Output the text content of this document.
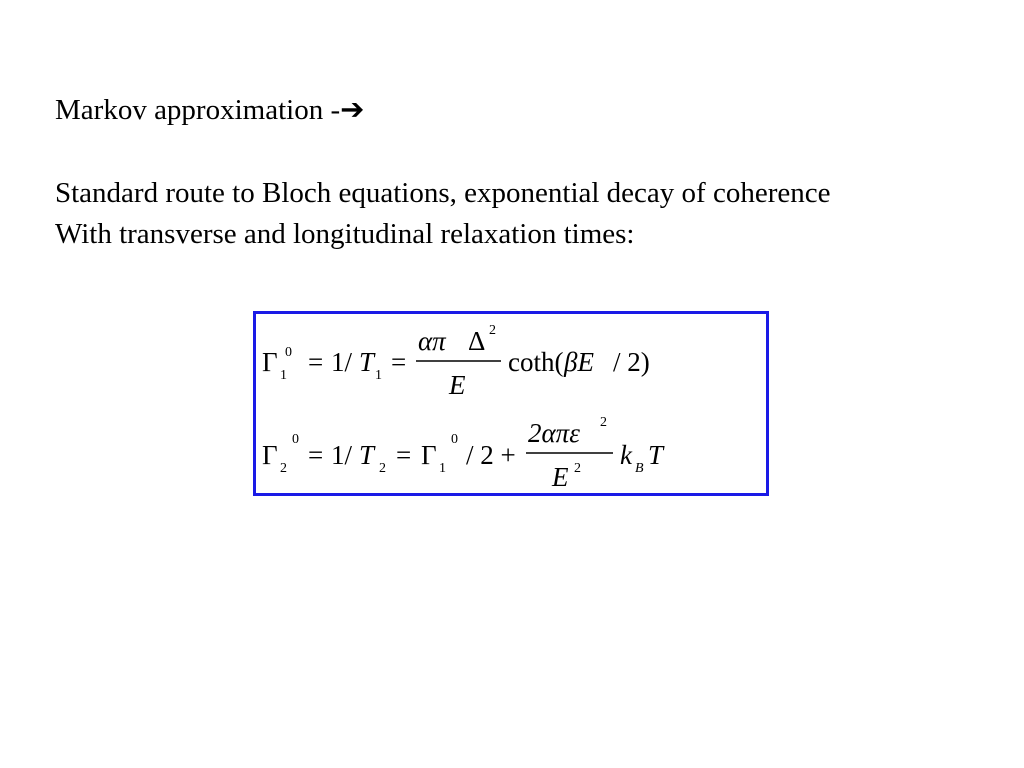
Markov approximation -➔
Standard route to Bloch equations, exponential decay of coherence
With transverse and longitudinal relaxation times:
Γ 0
1 = 1/ T 1 =
απ Δ 2
E
coth( βE / 2)
Γ
0
2 = 1/ T 2 = Γ
0
1 / 2 +
2απε 2
E 2 k B T
